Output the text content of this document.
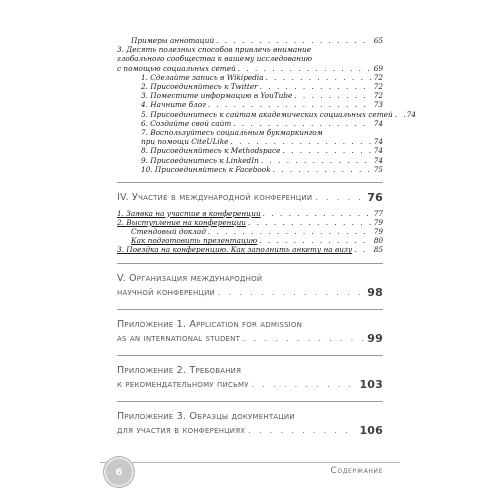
Примеры аннотаций . . .	65
3. Десять полезных способов привлечь внимание
глобального сообщества к вашему исследованию
с помощью социальных сетей . . .	69
1. Сделайте запись в Wikipedia . . .	72
2. Присоединяйтесь к Twitter . . .	72
3. Поместите информацию в YouTube . . .	72
4. Начните блог . . .	73
5. Присоединитесь к сайтам академических социальных сетей . . . 74
6. Создайте свой сайт . . .	74
7. Воспользуйтесь социальным букмаркингом
при помощи CiteULike . . .	74
8. Присоединяйтесь к Methodspace . . .	74
9. Присоединитесь к LinkedIn . . .	74
10. Присоединяйтесь к Facebook . . .	75
IV. Участие в международной конференции . . .	76
1. Заявка на участие в конференции . . .	77
2. Выступление на конференции . . .	79
Стендовый доклад . . .	79
Как подготовить презентацию . . .	80
3. Поездка на конференцию. Как заполнить анкету на визу . . .	85
V. Организация международной
научной конференции . . .	98
Приложение 1. Application for admission
as an international student . . .	99
Приложение 2. Требования
к рекомендательному письму . . .	103
Приложение 3. Образцы документации
для участия в конференциях . . .	106
6	Содержание
